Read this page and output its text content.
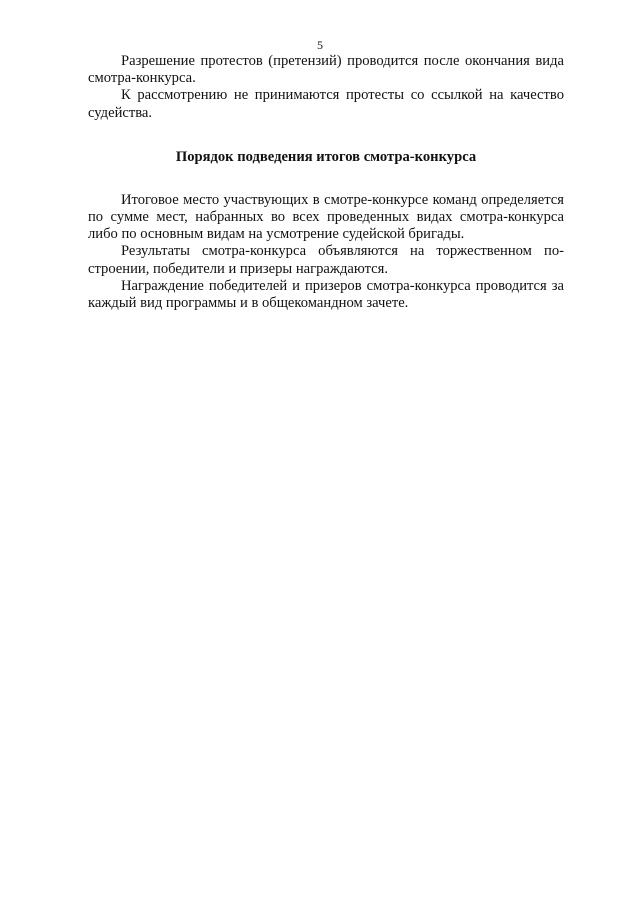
5

Разрешение протестов (претензий) проводится после окончания вида смотра-конкурса.

К рассмотрению не принимаются протесты со ссылкой на качество судейства.

Порядок подведения итогов смотра-конкурса

Итоговое место участвующих в смотре-конкурсе команд определяется по сумме мест, набранных во всех проведенных видах смотра-конкурса либо по основным видам на усмотрение судейской бригады.

Результаты смотра-конкурса объявляются на торжественном построении, победители и призеры награждаются.

Награждение победителей и призеров смотра-конкурса проводится за каждый вид программы и в общекомандном зачете.
